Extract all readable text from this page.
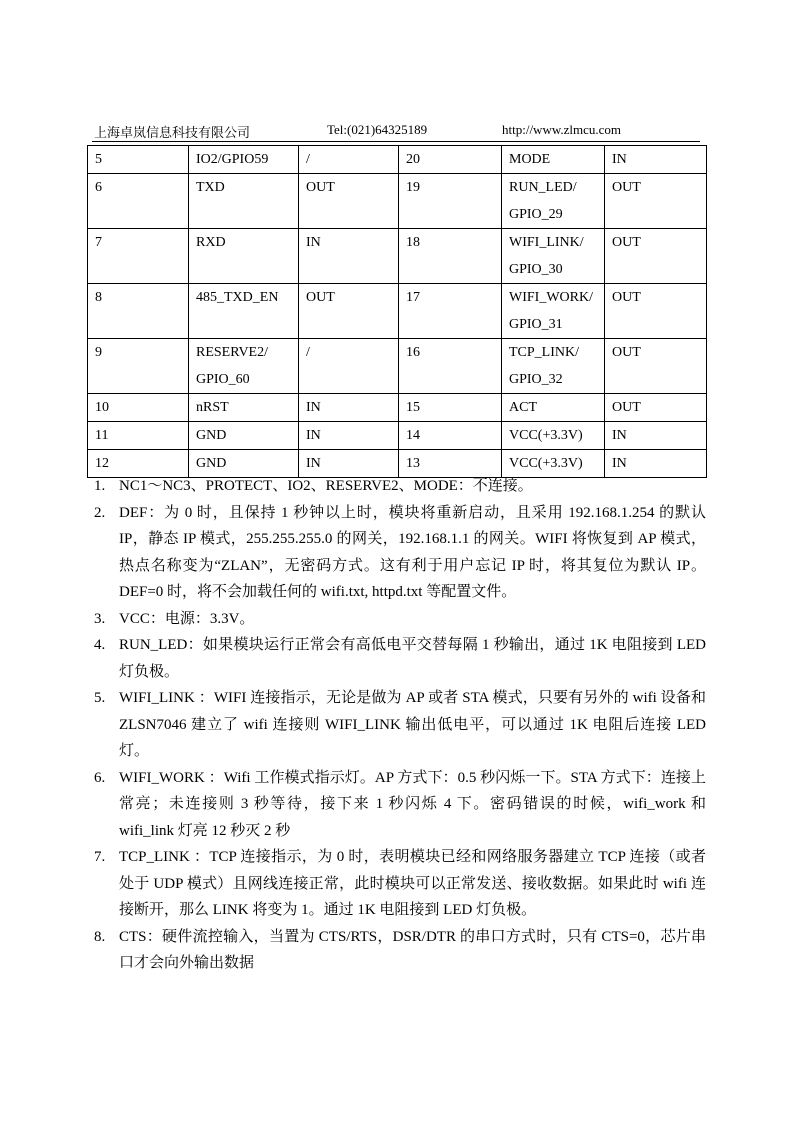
上海卓岚信息科技有限公司	Tel:(021)64325189	http://www.zlmcu.com
5	IO2/GPIO59	/	20	MODE	IN
6	TXD	OUT	19	RUN_LED/ GPIO_29	OUT
7	RXD	IN	18	WIFI_LINK/ GPIO_30	OUT
8	485_TXD_EN	OUT	17	WIFI_WORK/ GPIO_31	OUT
9	RESERVE2/ GPIO_60	/	16	TCP_LINK/ GPIO_32	OUT
10	nRST	IN	15	ACT	OUT
11	GND	IN	14	VCC(+3.3V)	IN
12	GND	IN	13	VCC(+3.3V)	IN
1. NC1～NC3、PROTECT、IO2、RESERVE2、MODE：不连接。
2. DEF：为 0 时，且保持 1 秒钟以上时，模块将重新启动，且采用 192.168.1.254 的默认 IP，静态 IP 模式，255.255.255.0 的网关，192.168.1.1 的网关。WIFI 将恢复到 AP 模式，热点名称变为“ZLAN”，无密码方式。这有利于用户忘记 IP 时，将其复位为默认 IP。DEF=0 时，将不会加载任何的 wifi.txt, httpd.txt 等配置文件。
3. VCC：电源：3.3V。
4. RUN_LED：如果模块运行正常会有高低电平交替每隔 1 秒输出，通过 1K 电阻接到 LED 灯负极。
5. WIFI_LINK ：WIFI 连接指示，无论是做为 AP 或者 STA 模式，只要有另外的 wifi 设备和 ZLSN7046 建立了 wifi 连接则 WIFI_LINK 输出低电平，可以通过 1K 电阻后连接 LED 灯。
6. WIFI_WORK ：Wifi 工作模式指示灯。AP 方式下：0.5 秒闪烁一下。STA 方式下：连接上常亮；未连接则 3 秒等待，接下来 1 秒闪烁 4 下。密码错误的时候，wifi_work 和 wifi_link 灯亮 12 秒灭 2 秒
7. TCP_LINK ：TCP 连接指示，为 0 时，表明模块已经和网络服务器建立 TCP 连接（或者处于 UDP 模式）且网线连接正常，此时模块可以正常发送、接收数据。如果此时 wifi 连接断开，那么 LINK 将变为 1。通过 1K 电阻接到 LED 灯负极。
8. CTS：硬件流控输入，当置为 CTS/RTS，DSR/DTR 的串口方式时，只有 CTS=0，芯片串口才会向外输出数据
